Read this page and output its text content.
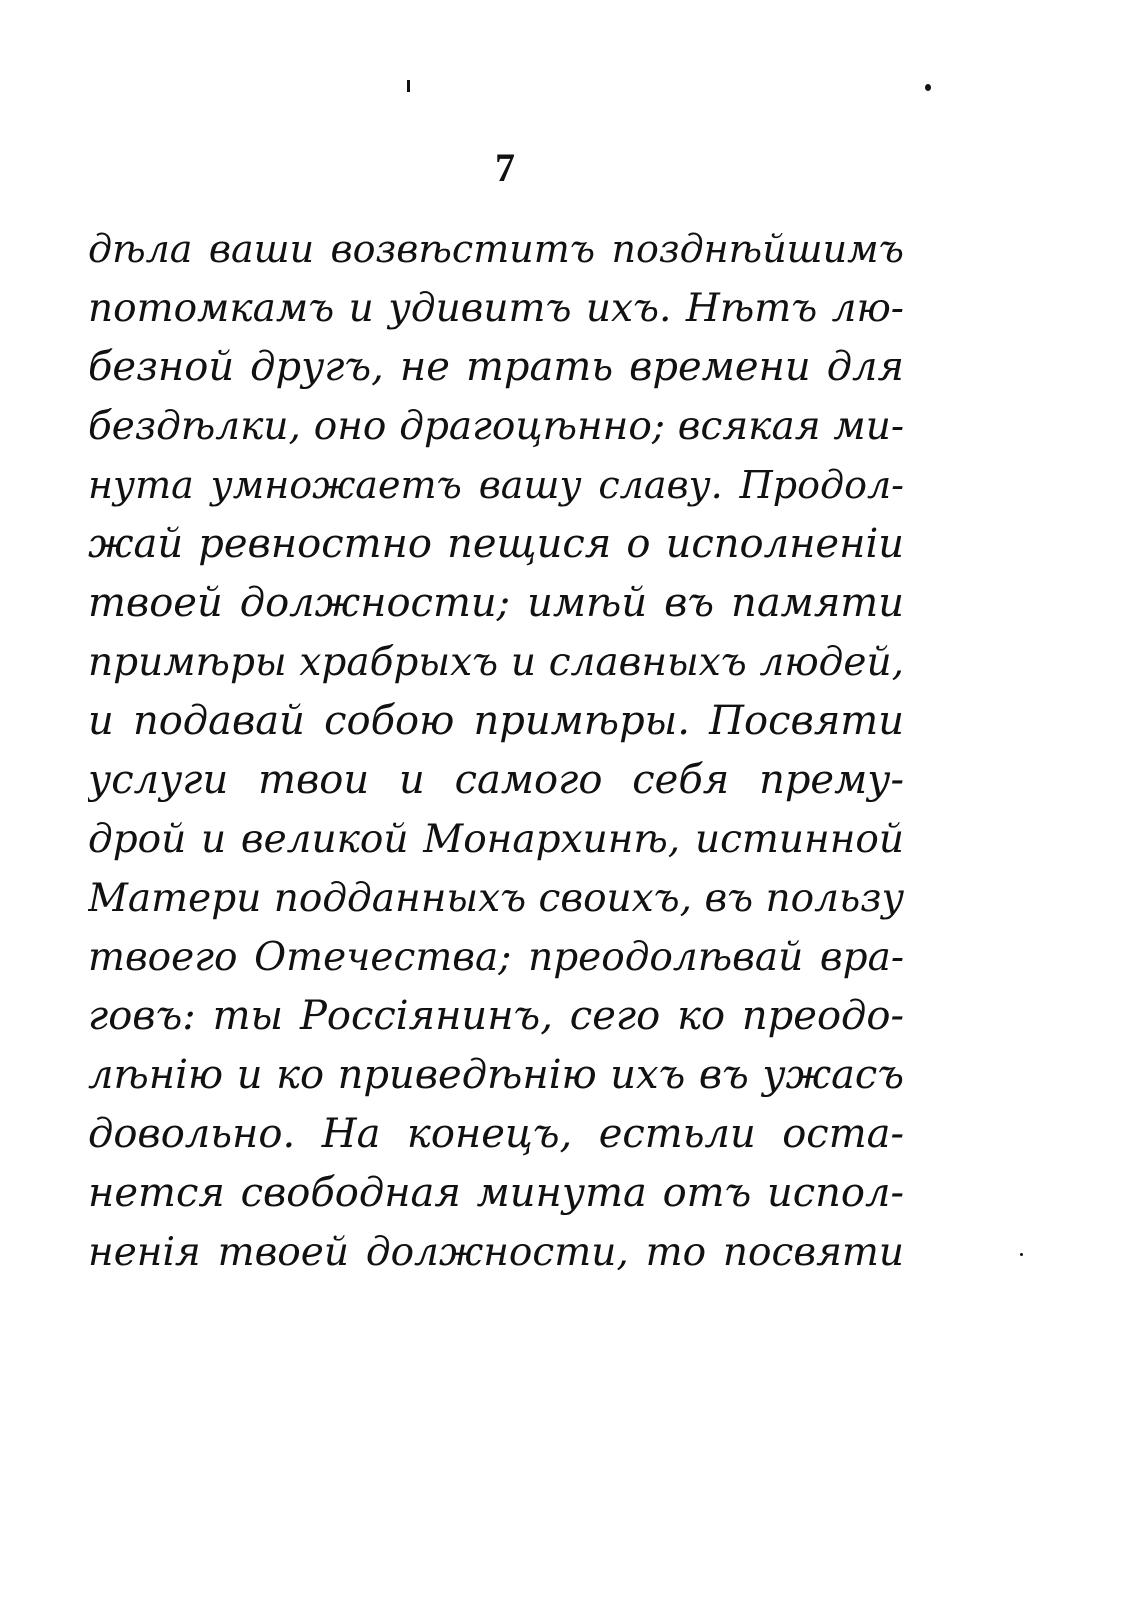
7
дѣла ваши возвѣститъ позднѣйшимъ
потомкамъ и удивитъ ихъ. Нѣтъ лю-
безной другъ, не трать времени для
бездѣлки, оно драгоцѣнно; всякая ми-
нута умножаетъ вашу славу. Продол-
жай ревностно пещися о исполненіи
твоей должности; имѣй въ памяти
примѣры храбрыхъ и славныхъ людей,
и подавай собою примѣры. Посвяти
услуги твои и самого себя прему-
дрой и великой Монархинѣ, истинной
Матери подданныхъ своихъ, въ пользу
твоего Отечества; преодолѣвай вра-
говъ: ты Россіянинъ, сего ко преодо-
лѣнію и ко приведѣнію ихъ въ ужасъ
довольно. На конецъ, естьли оста-
нется свободная минута отъ испол-
ненія твоей должности, то посвяти
